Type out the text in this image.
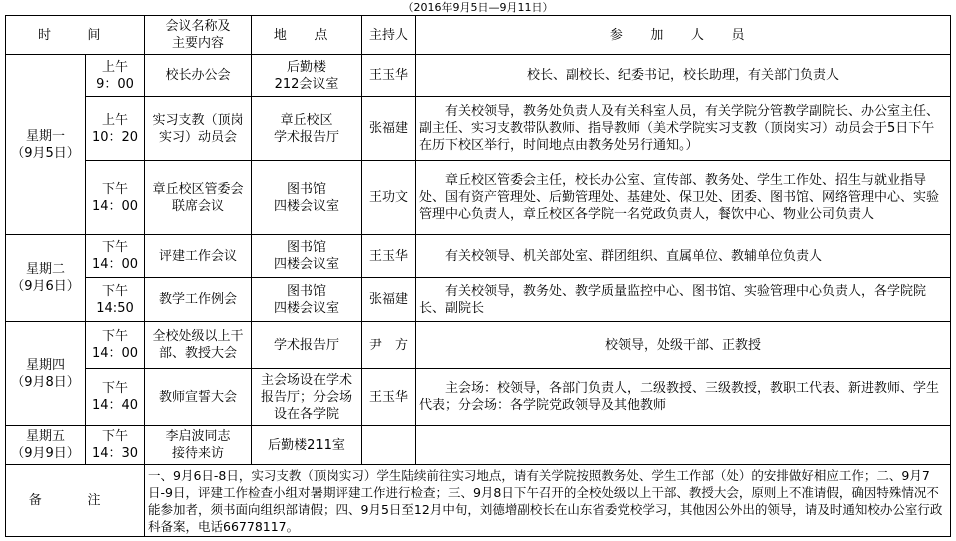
（2016年9月5日—9月11日）
时　间		会议名称及
主要内容	地 点	主持人	参 加 人 员

星期一
（9月5日）	上午
9：00	校长办公会	后勤楼
212会议室	王玉华	校长、副校长、纪委书记，校长助理，有关部门负责人

	上午
10：20	实习支教（顶岗
实习）动员会	章丘校区
学术报告厅	张福建	有关校领导，教务处负责人及有关科室人员，有关学院分管教学副院长、办公室主任、副主任、实习支教带队教师、指导教师（美术学院实习支教（顶岗实习）动员会于5日下午在历下校区举行，时间地点由教务处另行通知。）

	下午
14：00	章丘校区管委会
联席会议	图书馆
四楼会议室	王功文	章丘校区管委会主任，校长办公室、宣传部、教务处、学生工作处、招生与就业指导处、国有资产管理处、后勤管理处、基建处、保卫处、团委、图书馆、网络管理中心、实验管理中心负责人，章丘校区各学院一名党政负责人，餐饮中心、物业公司负责人

星期二
（9月6日）	下午
14：00	评建工作会议	图书馆
四楼会议室	王玉华	有关校领导、机关部处室、群团组织、直属单位、教辅单位负责人

	下午
14:50	教学工作例会	图书馆
四楼会议室	张福建	有关校领导，教务处、教学质量监控中心、图书馆、实验管理中心负责人，各学院院长、副院长

星期四
（9月8日）	下午
14：00	全校处级以上干
部、教授大会	学术报告厅	尹　方	校领导，处级干部、正教授

	下午
14：40	教师宣誓大会	主会场设在学术
报告厅；分会场
设在各学院	王玉华	主会场：校领导，各部门负责人，二级教授、三级教授，教职工代表、新进教师、学生代表；分会场：各学院党政领导及其他教师

星期五
（9月9日）	下午
14：30	李启波同志
接待来访	后勤楼211室		

备 注		一、9月6日-8日，实习支教（顶岗实习）学生陆续前往实习地点，请有关学院按照教务处、学生工作部（处）的安排做好相应工作；二、9月7日-9日，评建工作检查小组对暑期评建工作进行检查；三、9月8日下午召开的全校处级以上干部、教授大会，原则上不准请假，确因特殊情况不能参加者，须书面向组织部请假；四、9月5日至12月中旬，刘德增副校长在山东省委党校学习，其他因公外出的领导，请及时通知校办公室行政科备案，电话66778117。			
